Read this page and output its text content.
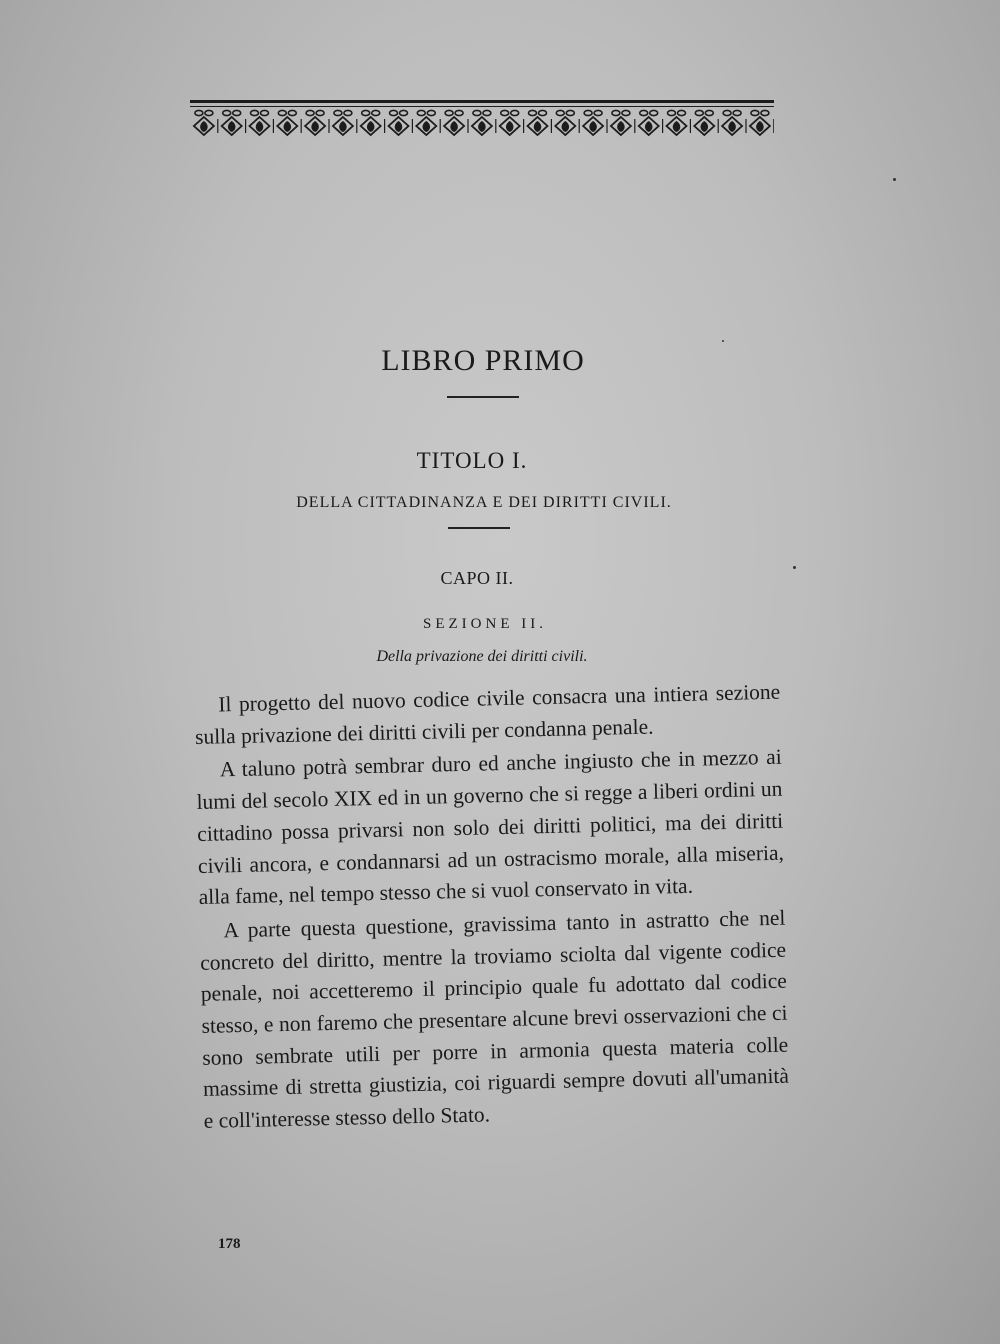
LIBRO PRIMO
TITOLO I.
DELLA CITTADINANZA E DEI DIRITTI CIVILI.
CAPO II.
SEZIONE II.
Della privazione dei diritti civili.

Il progetto del nuovo codice civile consacra una intiera sezione sulla privazione dei diritti civili per condanna penale.

A taluno potrà sembrar duro ed anche ingiusto che in mezzo ai lumi del secolo XIX ed in un governo che si regge a liberi ordini un cittadino possa privarsi non solo dei diritti politici, ma dei diritti civili ancora, e condannarsi ad un ostracismo morale, alla miseria, alla fame, nel tempo stesso che si vuol conservato in vita.

A parte questa questione, gravissima tanto in astratto che nel concreto del diritto, mentre la troviamo sciolta dal vigente codice penale, noi accetteremo il principio quale fu adottato dal codice stesso, e non faremo che presentare alcune brevi osservazioni che ci sono sembrate utili per porre in armonia questa materia colle massime di stretta giustizia, coi riguardi sempre dovuti all'umanità e coll'interesse stesso dello Stato.

178
